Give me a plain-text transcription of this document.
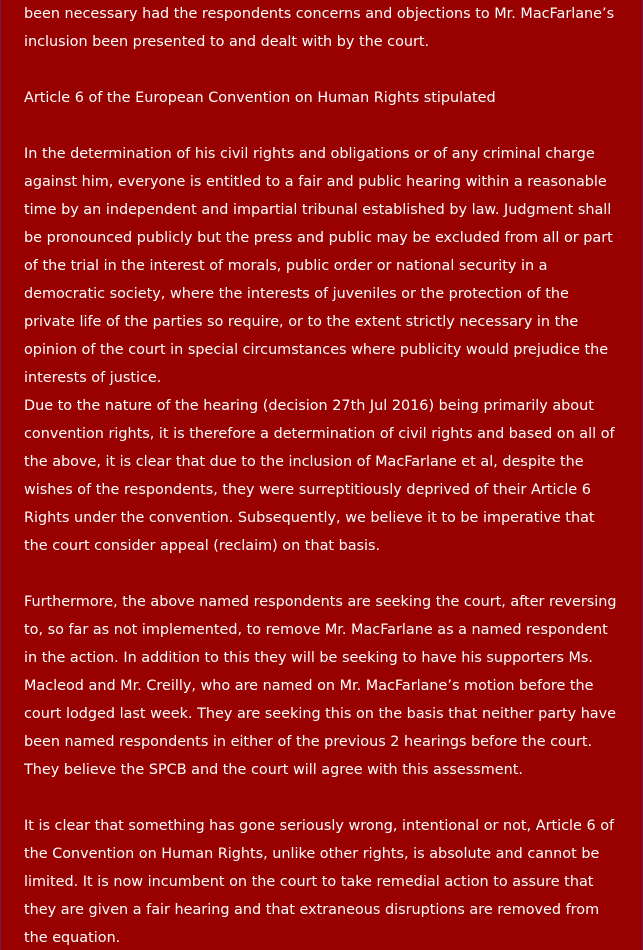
been necessary had the respondents concerns and objections to Mr. MacFarlane’s inclusion been presented to and dealt with by the court.

Article 6 of the European Convention on Human Rights stipulated

In the determination of his civil rights and obligations or of any criminal charge against him, everyone is entitled to a fair and public hearing within a reasonable time by an independent and impartial tribunal established by law. Judgment shall be pronounced publicly but the press and public may be excluded from all or part of the trial in the interest of morals, public order or national security in a democratic society, where the interests of juveniles or the protection of the private life of the parties so require, or to the extent strictly necessary in the opinion of the court in special circumstances where publicity would prejudice the interests of justice.

Due to the nature of the hearing (decision 27th Jul 2016) being primarily about convention rights, it is therefore a determination of civil rights and based on all of the above, it is clear that due to the inclusion of MacFarlane et al, despite the wishes of the respondents, they were surreptitiously deprived of their Article 6 Rights under the convention. Subsequently, we believe it to be imperative that the court consider appeal (reclaim) on that basis.

Furthermore, the above named respondents are seeking the court, after reversing to, so far as not implemented, to remove Mr. MacFarlane as a named respondent in the action. In addition to this they will be seeking to have his supporters Ms. Macleod and Mr. Creilly, who are named on Mr. MacFarlane’s motion before the court lodged last week. They are seeking this on the basis that neither party have been named respondents in either of the previous 2 hearings before the court. They believe the SPCB and the court will agree with this assessment.

It is clear that something has gone seriously wrong, intentional or not, Article 6 of the Convention on Human Rights, unlike other rights, is absolute and cannot be limited. It is now incumbent on the court to take remedial action to assure that they are given a fair hearing and that extraneous disruptions are removed from the equation.
